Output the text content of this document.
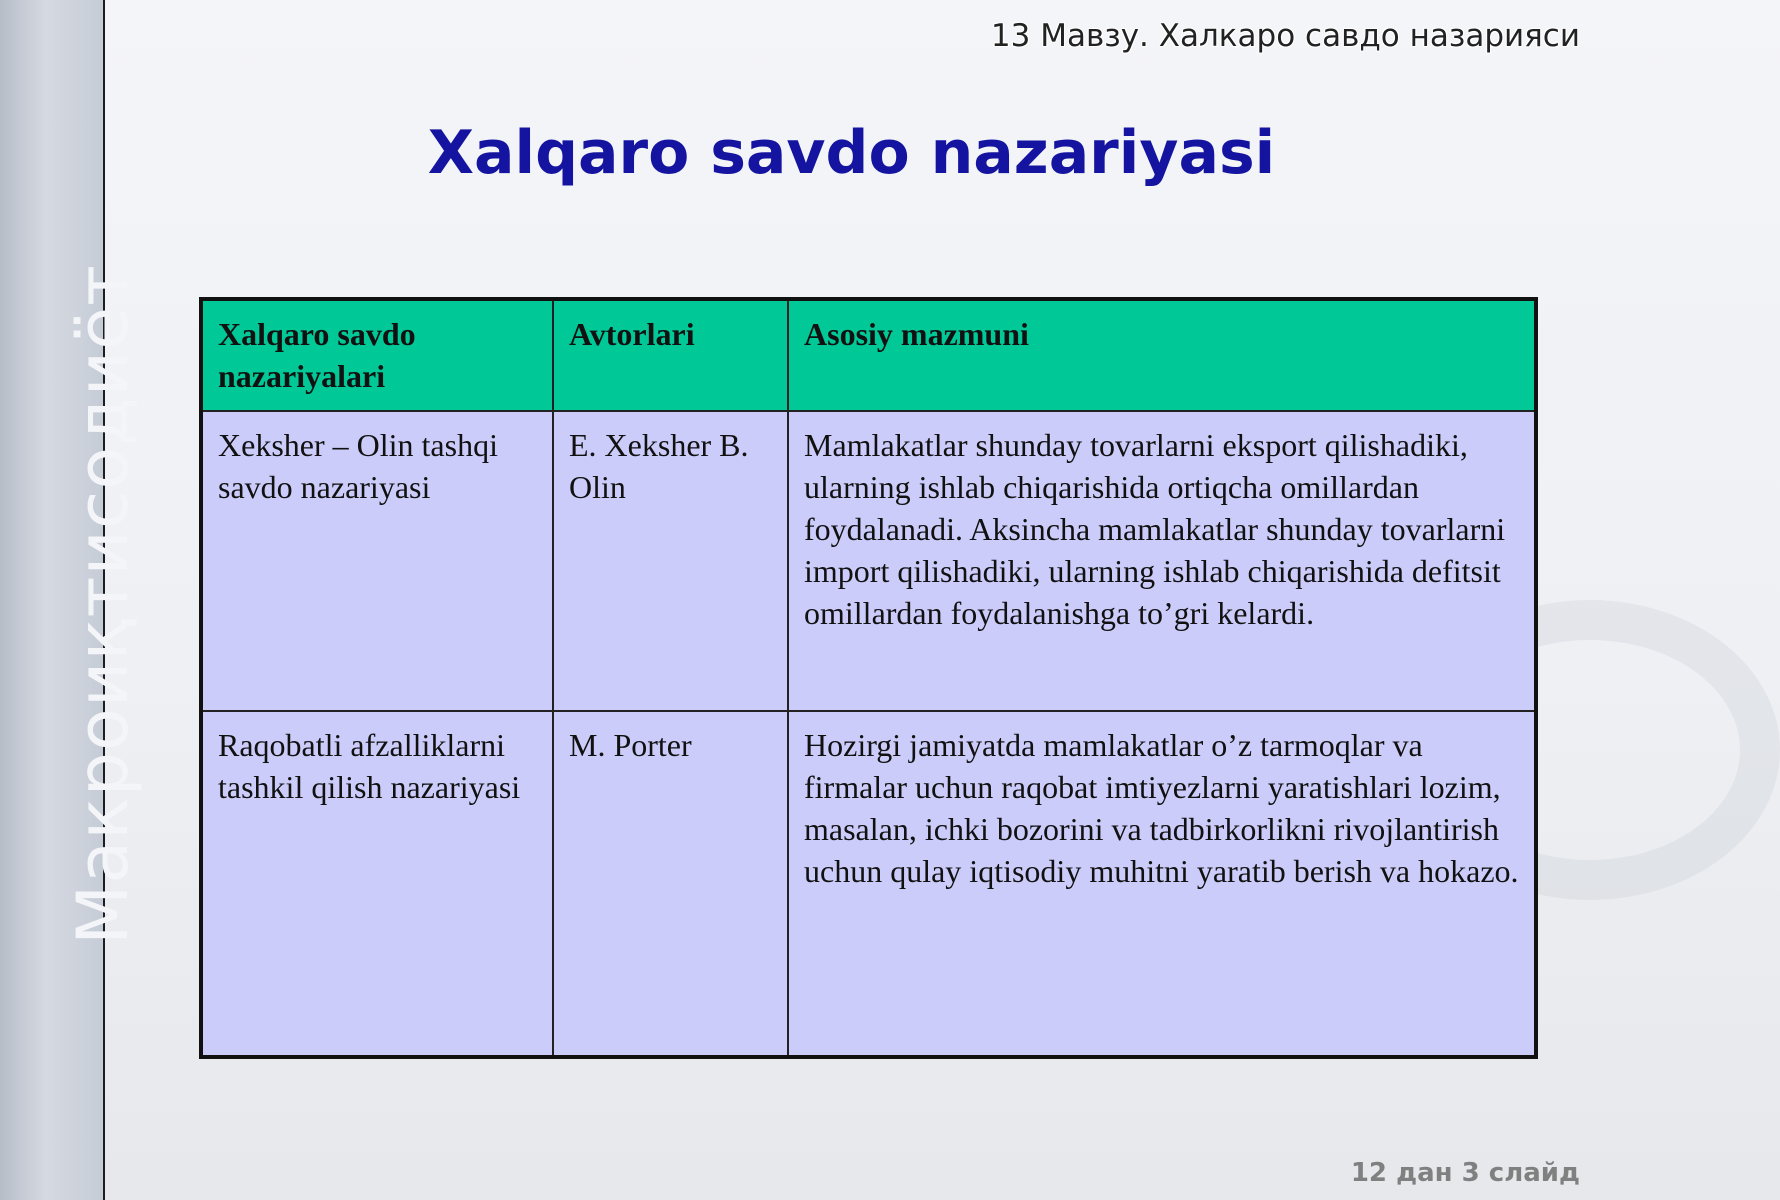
Макроиқтисодиёт
13 Мавзу. Халкаро савдо назарияси
Xalqaro savdo nazariyasi
Xalqaro savdo nazariyalari	Avtorlari	Asosiy mazmuni
Xeksher – Olin tashqi savdo nazariyasi	E. Xeksher B. Olin	Mamlakatlar shunday tovarlarni eksport qilishadiki, ularning ishlab chiqarishida ortiqcha omillardan foydalanadi. Aksincha mamlakatlar shunday tovarlarni import qilishadiki, ularning ishlab chiqarishida defitsit omillardan foydalanishga to’gri kelardi.
Raqobatli afzalliklarni tashkil qilish nazariyasi	M. Porter	Hozirgi jamiyatda mamlakatlar o’z tarmoqlar va firmalar uchun raqobat imtiyezlarni yaratishlari lozim, masalan, ichki bozorini va tadbirkorlikni rivojlantirish uchun qulay iqtisodiy muhitni yaratib berish va hokazo.
12 дан 3 слайд
